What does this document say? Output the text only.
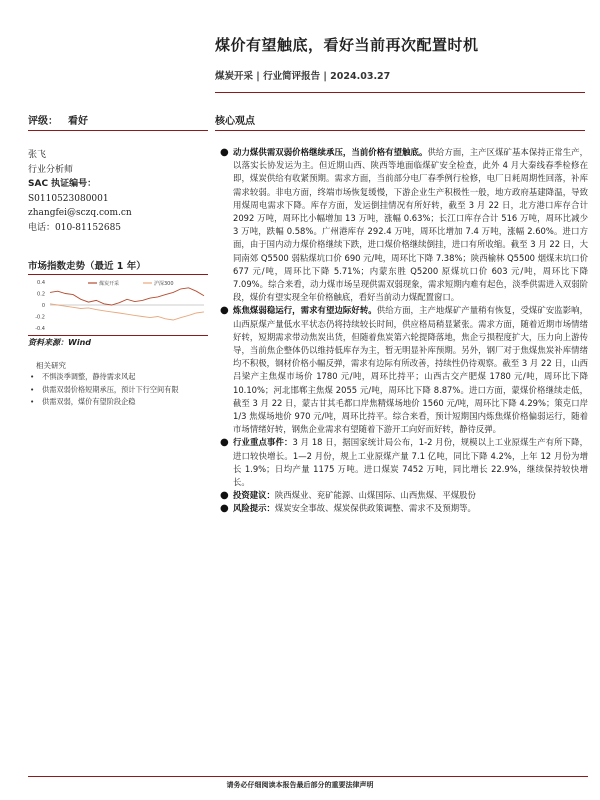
煤价有望触底，看好当前再次配置时机
煤炭开采 | 行业简评报告 | 2024.03.27
评级： 看好	核心观点
张飞
行业分析师
SAC 执证编号：
S0110523080001
zhangfei@sczq.com.cn
电话：010-81152685
市场指数走势（最近 1 年）
0.4
0.2
0
-0.2
-0.4
煤炭开采	沪深300
资料来源：Wind
相关研究
• 不惧淡季调整，静待需求风起
• 供需双弱价格短期承压，预计下行空间有限
• 供需双弱，煤价有望阶段企稳
● 动力煤供需双弱价格继续承压，当前价格有望触底。供给方面，主产区煤矿基本保持正常生产，以落实长协发运为主。但近期山西、陕西等地面临煤矿安全检查，此外 4 月大秦线春季检修在即，煤炭供给有收紧预期。需求方面，当前部分电厂春季例行检修，电厂日耗周期性回落，补库需求较弱。非电方面，终端市场恢复缓慢，下游企业生产积极性一般，地方政府基建降温，导致用煤周电需求下降。库存方面，发运倒挂情况有所好转，截至 3 月 22 日，北方港口库存合计 2092 万吨，周环比小幅增加 13 万吨，涨幅 0.63%；长江口库存合计 516 万吨，周环比减少 3 万吨，跌幅 0.58%。广州港库存 292.4 万吨，周环比增加 7.4 万吨，涨幅 2.60%。进口方面，由于国内动力煤价格继续下跌，进口煤价格继续倒挂，进口有所收缩。截至 3 月 22 日，大同南郊 Q5500 弱粘煤坑口价 690 元/吨，周环比下降 7.38%；陕西榆林 Q5500 烟煤末坑口价 677 元/吨，周环比下降 5.71%；内蒙东胜 Q5200 原煤坑口价 603 元/吨，周环比下降 7.09%。综合来看，动力煤市场呈现供需双弱现象，需求短期内难有起色，淡季供需进入双弱阶段，煤价有望实现全年价格触底，看好当前动力煤配置窗口。
● 炼焦煤弱稳运行，需求有望边际好转。供给方面，主产地煤矿产量稍有恢复，受煤矿安监影响，山西原煤产量低水平状态仍将持续较长时间，供应格局稍显紧张。需求方面，随着近期市场情绪好转，短期需求带动焦炭出货，但随着焦炭第六轮提降落地，焦企亏损程度扩大，压力向上游传导，当前焦企整体仍以维持低库存为主，暂无明显补库预期。另外，钢厂对于焦煤焦炭补库情绪均不积极，钢材价格小幅反弹，需求有边际有所改善，持续性仍待观察。截至 3 月 22 日，山西吕梁产主焦煤市场价 1780 元/吨，周环比持平；山西古交产肥煤 1780 元/吨，周环比下降 10.10%；河北邯郸主焦煤 2055 元/吨，周环比下降 8.87%。进口方面，蒙煤价格继续走低，截至 3 月 22 日，蒙古甘其毛都口岸焦精煤场地价 1560 元/吨，周环比下降 4.29%；策克口岸 1/3 焦煤场地价 970 元/吨，周环比持平。综合来看，预计短期国内炼焦煤价格偏弱运行，随着市场情绪好转，钢焦企业需求有望随着下游开工向好而好转，静待反弹。
● 行业重点事件：3 月 18 日，据国家统计局公布，1-2 月份，规模以上工业原煤生产有所下降，进口较快增长。1—2 月份，规上工业原煤产量 7.1 亿吨，同比下降 4.2%，上年 12 月份为增长 1.9%；日均产量 1175 万吨。进口煤炭 7452 万吨，同比增长 22.9%，继续保持较快增长。
● 投资建议：陕西煤业、兖矿能源、山煤国际、山西焦煤、平煤股份
● 风险提示：煤炭安全事故、煤炭保供政策调整、需求不及预期等。
请务必仔细阅读本报告最后部分的重要法律声明
